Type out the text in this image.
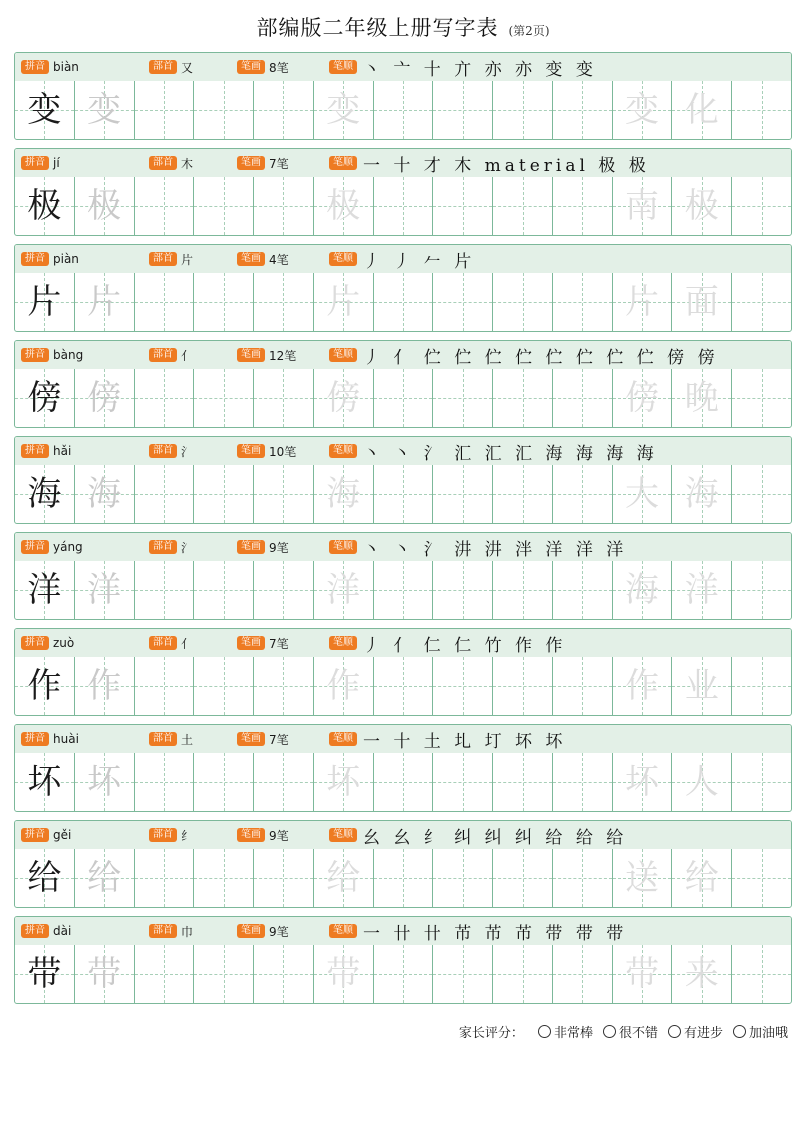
部编版二年级上册写字表 (第2页)
拼音 biàn	部首 又	笔画 8笔	笔顺 丶 亠 十 亣 亦 亦 变 变
变 变	变	变 化
拼音 jí	部首 木	笔画 7笔	笔顺 一 十 才 木 material 极 极
极 极	极	南 极
拼音 piàn	部首 片	笔画 4笔	笔顺 丿 丿 𠂉 片
片 片	片	片 面
拼音 bàng	部首 亻	笔画 12笔	笔顺 丿 亻 伫 伫 伫 伫 伫 伫 伫 伫 傍 傍
傍 傍	傍	傍 晚
拼音 hǎi	部首 氵	笔画 10笔	笔顺 丶 丶 氵 汇 汇 汇 海 海 海 海
海 海	海	大 海
拼音 yáng	部首 氵	笔画 9笔	笔顺 丶 丶 氵 汫 汫 泮 洋 洋 洋
洋 洋	洋	海 洋
拼音 zuò	部首 亻	笔画 7笔	笔顺 丿 亻 仁 仁 竹 作 作
作 作	作	作 业
拼音 huài	部首 土	笔画 7笔	笔顺 一 十 土 圠 圢 坏 坏
坏 坏	坏	坏 人
拼音 gěi	部首 纟	笔画 9笔	笔顺 幺 幺 纟 纠 纠 纠 给 给 给
给 给	给	送 给
拼音 dài	部首 巾	笔画 9笔	笔顺 一 卄 卄 芇 芇 芇 带 带 带
带 带	带	带 来
家长评分： 非常棒 很不错 有进步 加油哦
